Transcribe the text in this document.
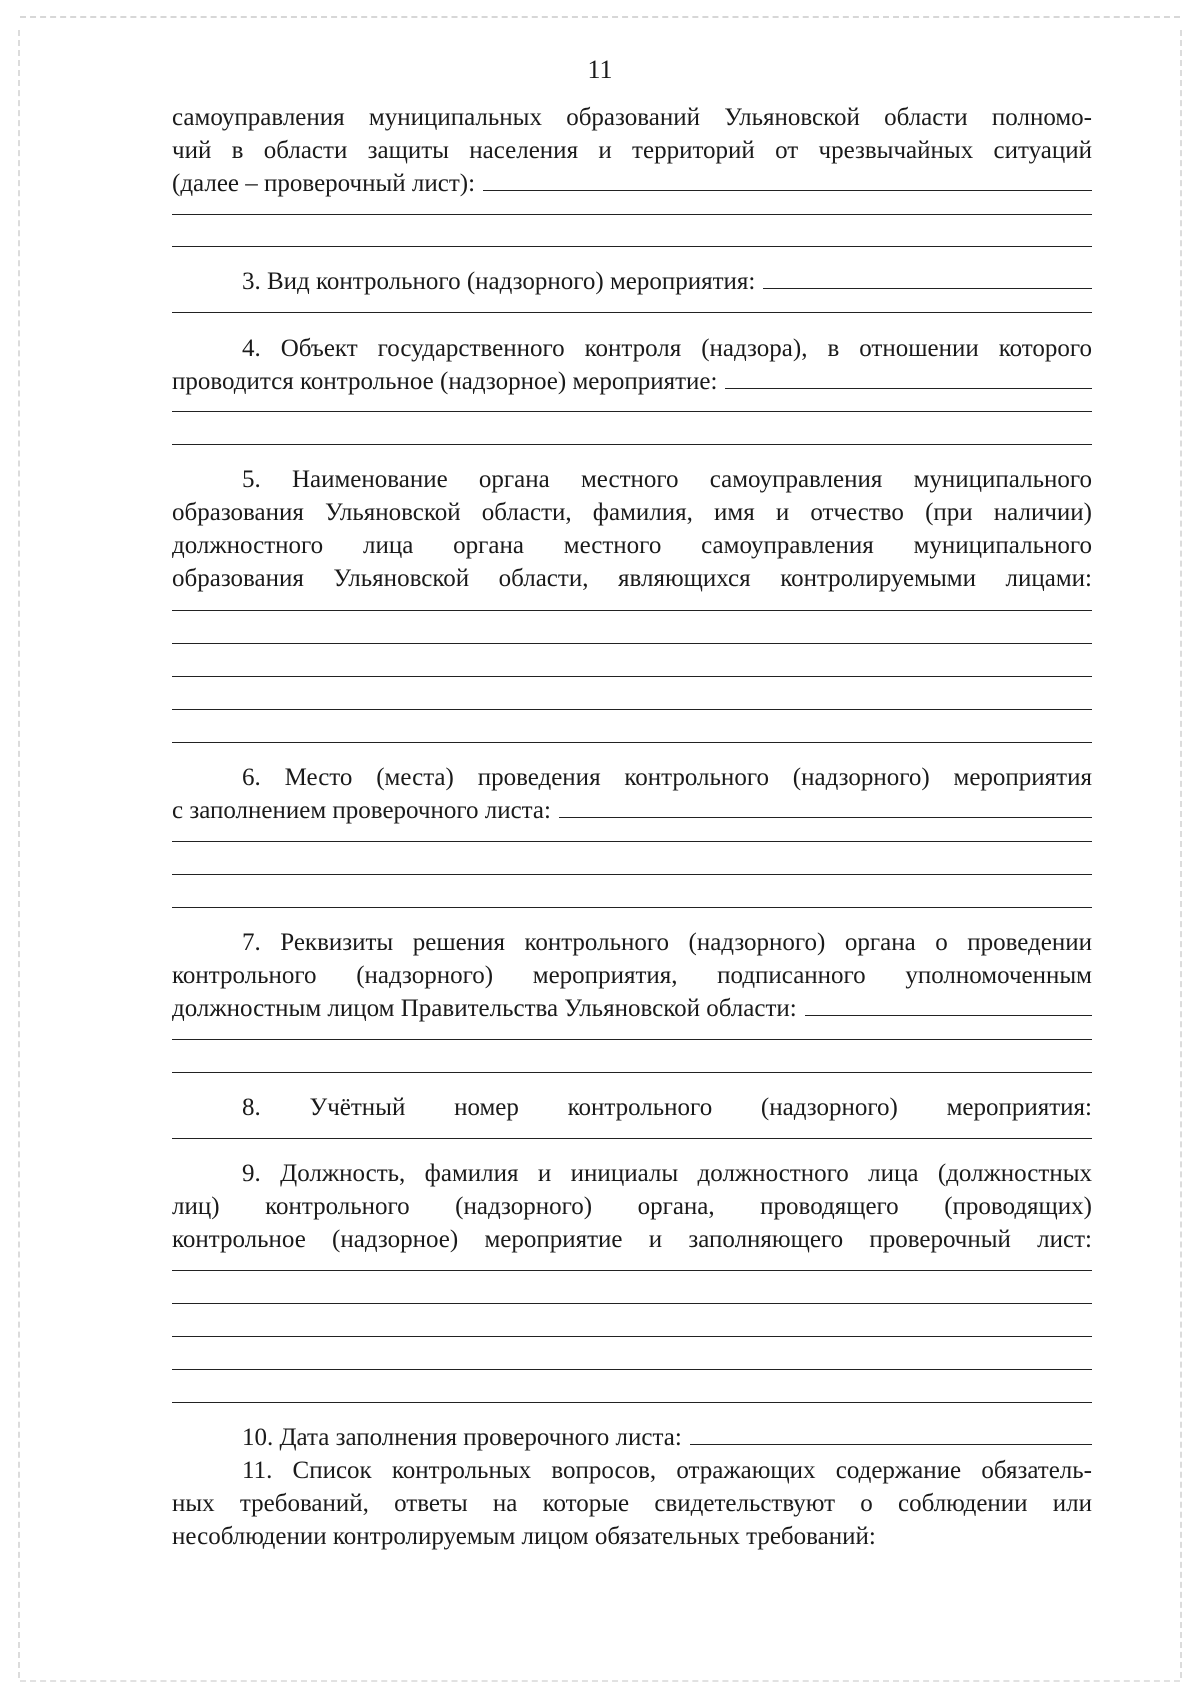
11
самоуправления муниципальных образований Ульяновской области полномо-
чий в области защиты населения и территорий от чрезвычайных ситуаций
(далее – проверочный лист):
3. Вид контрольного (надзорного) мероприятия:
4. Объект государственного контроля (надзора), в отношении которого
проводится контрольное (надзорное) мероприятие:
5. Наименование органа местного самоуправления муниципального
образования Ульяновской области, фамилия, имя и отчество (при наличии)
должностного лица органа местного самоуправления муниципального
образования Ульяновской области, являющихся контролируемыми лицами:
6. Место (места) проведения контрольного (надзорного) мероприятия
с заполнением проверочного листа:
7. Реквизиты решения контрольного (надзорного) органа о проведении
контрольного (надзорного) мероприятия, подписанного уполномоченным
должностным лицом Правительства Ульяновской области:
8. Учётный номер контрольного (надзорного) мероприятия:
9. Должность, фамилия и инициалы должностного лица (должностных
лиц) контрольного (надзорного) органа, проводящего (проводящих)
контрольное (надзорное) мероприятие и заполняющего проверочный лист:
10. Дата заполнения проверочного листа:
11. Список контрольных вопросов, отражающих содержание обязатель-
ных требований, ответы на которые свидетельствуют о соблюдении или
несоблюдении контролируемым лицом обязательных требований:
